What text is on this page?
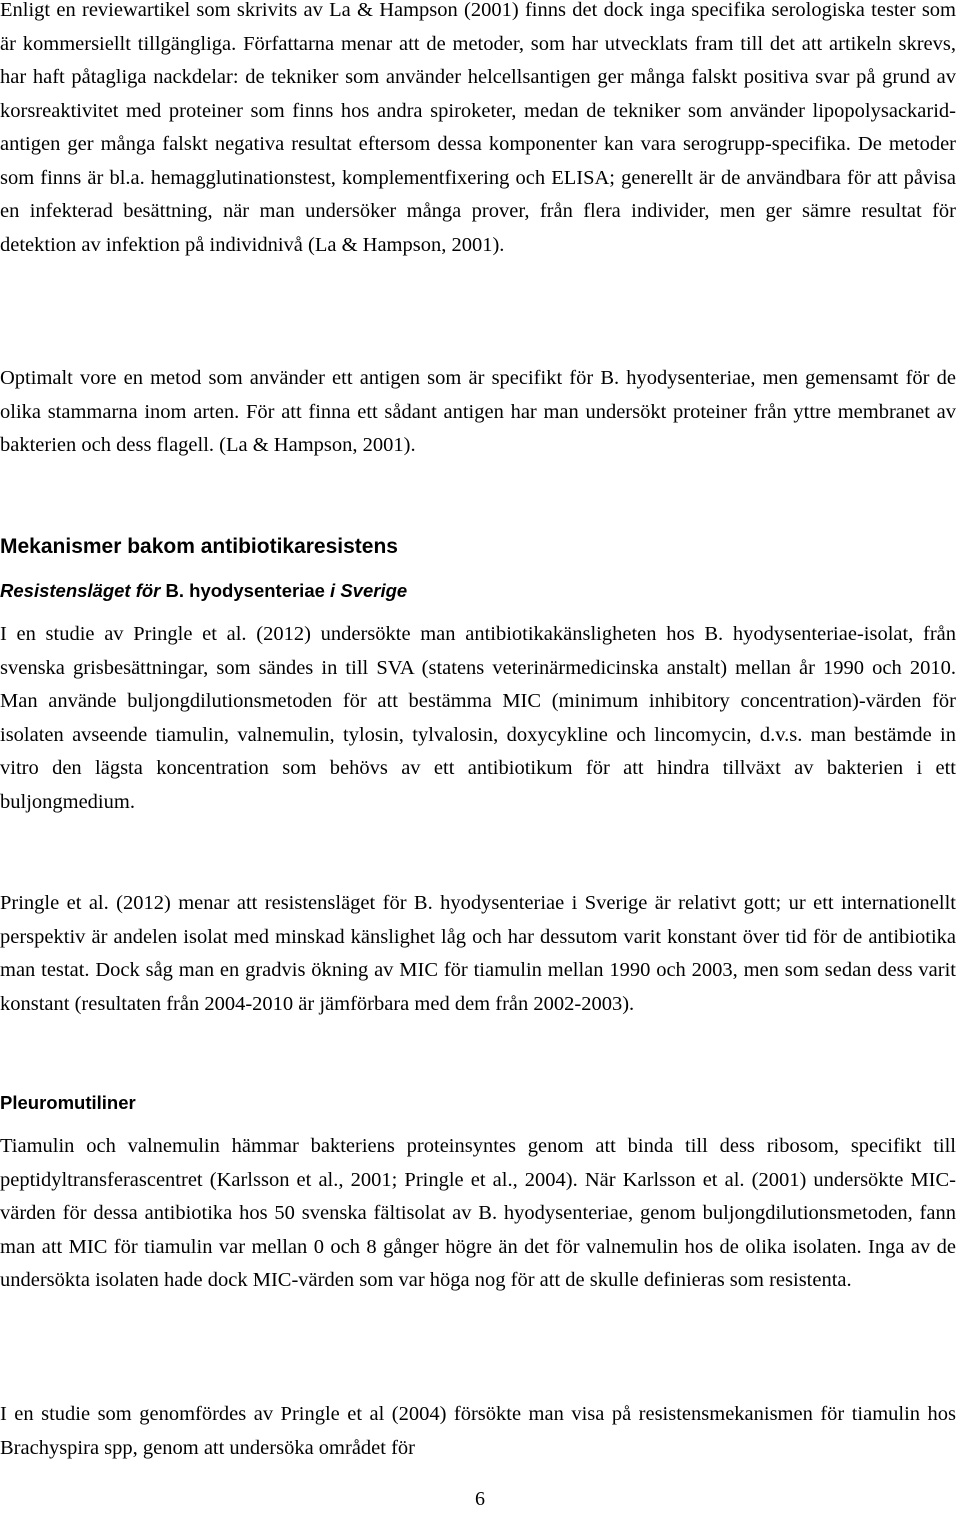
Enligt en reviewartikel som skrivits av La & Hampson (2001) finns det dock inga specifika serologiska tester som är kommersiellt tillgängliga. Författarna menar att de metoder, som har utvecklats fram till det att artikeln skrevs, har haft påtagliga nackdelar: de tekniker som använder helcellsantigen ger många falskt positiva svar på grund av korsreaktivitet med proteiner som finns hos andra spiroketer, medan de tekniker som använder lipopolysackarid-antigen ger många falskt negativa resultat eftersom dessa komponenter kan vara serogrupp-specifika. De metoder som finns är bl.a. hemagglutinationstest, komplementfixering och ELISA; generellt är de användbara för att påvisa en infekterad besättning, när man undersöker många prover, från flera individer, men ger sämre resultat för detektion av infektion på individnivå (La & Hampson, 2001).

Optimalt vore en metod som använder ett antigen som är specifikt för B. hyodysenteriae, men gemensamt för de olika stammarna inom arten. För att finna ett sådant antigen har man undersökt proteiner från yttre membranet av bakterien och dess flagell. (La & Hampson, 2001).

Mekanismer bakom antibiotikaresistens
Resistensläget för B. hyodysenteriae i Sverige

I en studie av Pringle et al. (2012) undersökte man antibiotikakänsligheten hos B. hyodysenteriae-isolat, från svenska grisbesättningar, som sändes in till SVA (statens veterinärmedicinska anstalt) mellan år 1990 och 2010. Man använde buljongdilutionsmetoden för att bestämma MIC (minimum inhibitory concentration)-värden för isolaten avseende tiamulin, valnemulin, tylosin, tylvalosin, doxycykline och lincomycin, d.v.s. man bestämde in vitro den lägsta koncentration som behövs av ett antibiotikum för att hindra tillväxt av bakterien i ett buljongmedium.

Pringle et al. (2012) menar att resistensläget för B. hyodysenteriae i Sverige är relativt gott; ur ett internationellt perspektiv är andelen isolat med minskad känslighet låg och har dessutom varit konstant över tid för de antibiotika man testat. Dock såg man en gradvis ökning av MIC för tiamulin mellan 1990 och 2003, men som sedan dess varit konstant (resultaten från 2004-2010 är jämförbara med dem från 2002-2003).

Pleuromutiliner

Tiamulin och valnemulin hämmar bakteriens proteinsyntes genom att binda till dess ribosom, specifikt till peptidyltransferascentret (Karlsson et al., 2001; Pringle et al., 2004). När Karlsson et al. (2001) undersökte MIC-värden för dessa antibiotika hos 50 svenska fältisolat av B. hyodysenteriae, genom buljongdilutionsmetoden, fann man att MIC för tiamulin var mellan 0 och 8 gånger högre än det för valnemulin hos de olika isolaten. Inga av de undersökta isolaten hade dock MIC-värden som var höga nog för att de skulle definieras som resistenta.

I en studie som genomfördes av Pringle et al (2004) försökte man visa på resistensmekanismen för tiamulin hos Brachyspira spp, genom att undersöka området för

6
